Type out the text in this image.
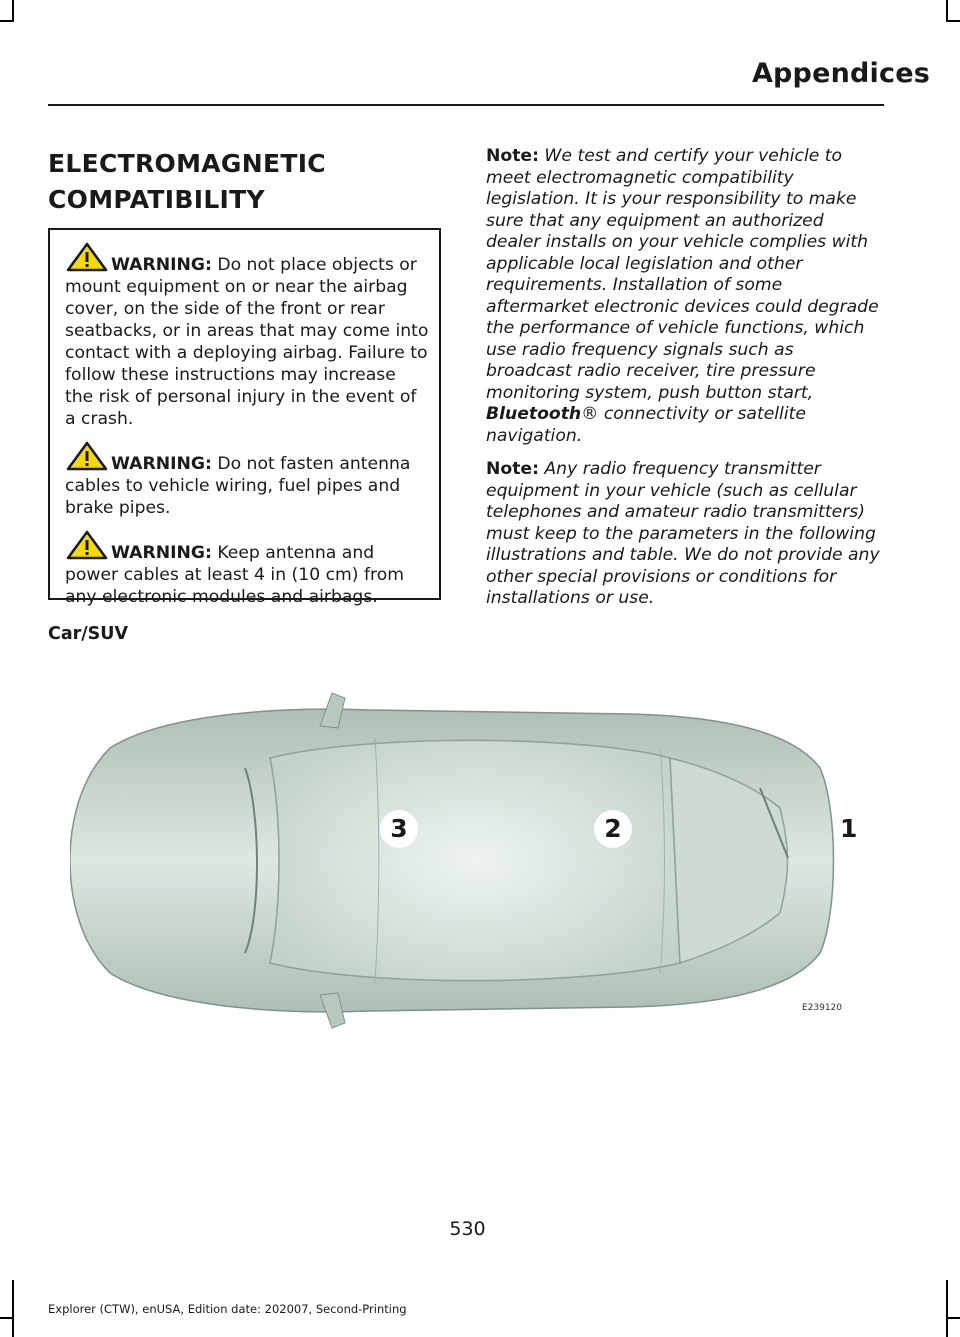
Appendices
ELECTROMAGNETIC
COMPATIBILITY
WARNING: Do not place objects or mount equipment on or near the airbag cover, on the side of the front or rear seatbacks, or in areas that may come into contact with a deploying airbag. Failure to follow these instructions may increase the risk of personal injury in the event of a crash.
WARNING: Do not fasten antenna cables to vehicle wiring, fuel pipes and brake pipes.
WARNING: Keep antenna and power cables at least 4 in (10 cm) from any electronic modules and airbags.

Note: We test and certify your vehicle to meet electromagnetic compatibility legislation. It is your responsibility to make sure that any equipment an authorized dealer installs on your vehicle complies with applicable local legislation and other requirements. Installation of some aftermarket electronic devices could degrade the performance of vehicle functions, which use radio frequency signals such as broadcast radio receiver, tire pressure monitoring system, push button start, Bluetooth® connectivity or satellite navigation.

Note: Any radio frequency transmitter equipment in your vehicle (such as cellular telephones and amateur radio transmitters) must keep to the parameters in the following illustrations and table. We do not provide any other special provisions or conditions for installations or use.

Car/SUV
3	2	1
E239120
530
Explorer (CTW), enUSA, Edition date: 202007, Second-Printing
